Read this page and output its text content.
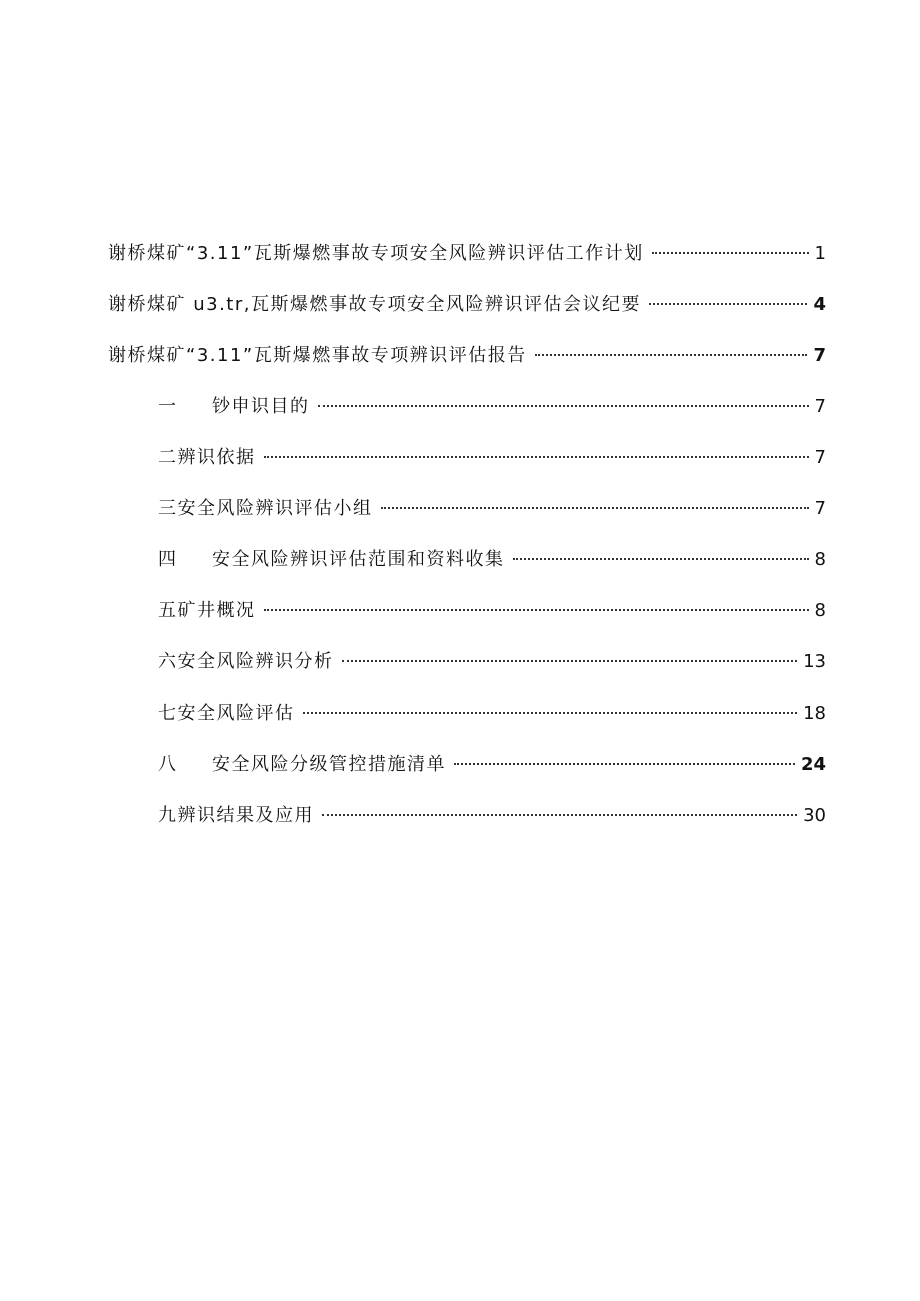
谢桥煤矿“3.11”瓦斯爆燃事故专项安全风险辨识评估工作计划	1
谢桥煤矿 u3.tr,瓦斯爆燃事故专项安全风险辨识评估会议纪要	4
谢桥煤矿“3.11”瓦斯爆燃事故专项辨识评估报告	7
一	钞申识目的	7
二 辨识依据	7
三 安全风险辨识评估小组	7
四	安全风险辨识评估范围和资料收集	8
五 矿井概况	8
六 安全风险辨识分析	13
七 安全风险评估	18
八	安全风险分级管控措施清单	24
九 辨识结果及应用	30
